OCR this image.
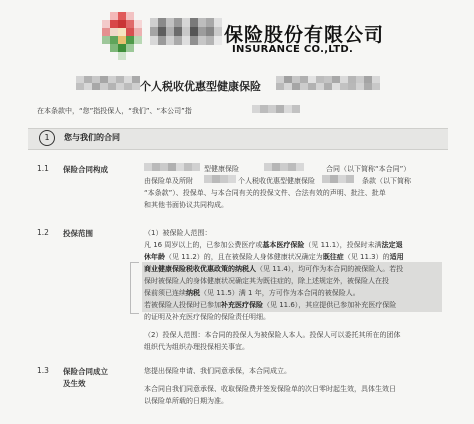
保险股份有限公司
INSURANCE CO.,LTD.
个人税收优惠型健康保险
在本条款中，“您”指投保人，“我们”、“本公司”指
1	您与我们的合同
1.1 保险合同构成	型健康保险	合同（以下简称“本合同”）
由保险单及所附	个人税收优惠型健康保险	条款（以下简称
“本条款”）、投保单、与本合同有关的投保文件、合法有效的声明、批注、批单
和其他书面协议共同构成。
1.2 投保范围	（1）被保险人范围：
凡 16 周岁以上的，已参加公费医疗或基本医疗保险（见 11.1），投保时未满法定退
休年龄（见 11.2）的，且在被保险人身体健康状况确定为既往症（见 11.3）的适用
商业健康保险税收优惠政策的纳税人（见 11.4），均可作为本合同的被保险人。若投
保时被保险人的身体健康状况确定其为既往症的，除上述规定外，被保险人在投
保前须已连续纳税（见 11.5）满 1 年，方可作为本合同的被保险人。
若被保险人投保时已参加补充医疗保险（见 11.6），其应提供已参加补充医疗保险
的证明及补充医疗保险的保险责任明细。
（2）投保人范围：本合同的投保人为被保险人本人。投保人可以委托其所在的团体
组织代为组织办理投保相关事宜。
1.3 保险合同成立
及生效
您提出保险申请、我们同意承保，本合同成立。
本合同自我们同意承保、收取保险费并签发保险单的次日零时起生效，具体生效日
以保险单所载的日期为准。
